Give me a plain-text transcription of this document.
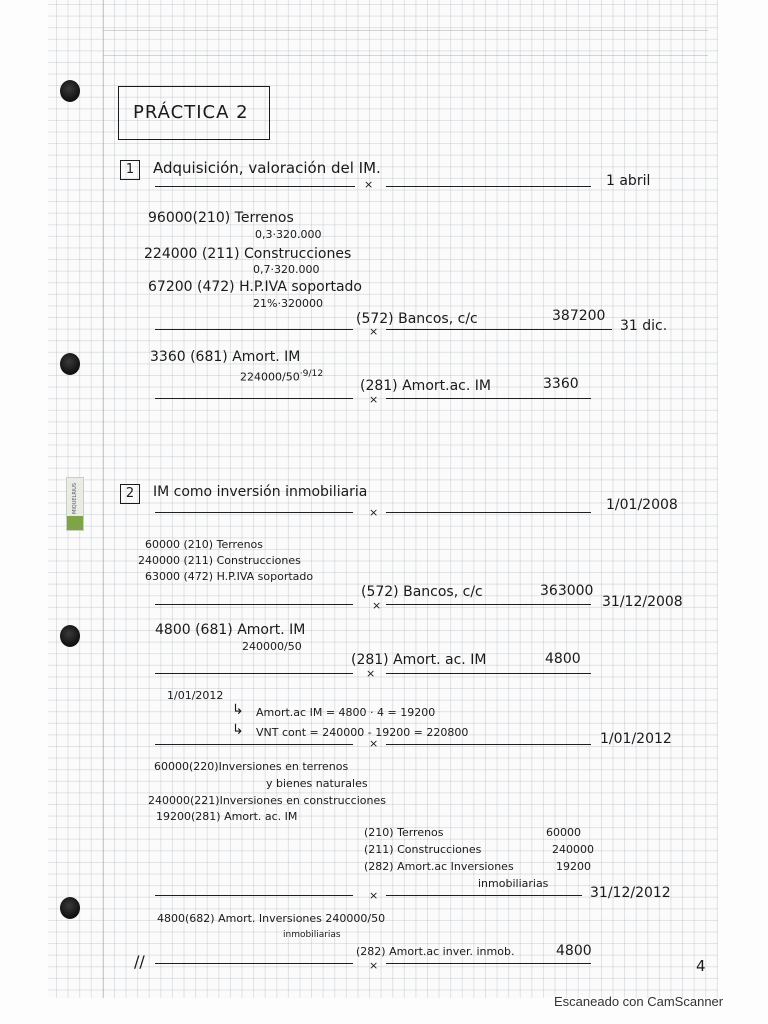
MIQUELRIUS
PRÁCTICA 2
1	Adquisición, valoración del IM.
×	1 abril
96000(210) Terrenos
0,3·320.000
224000 (211) Construcciones
0,7·320.000
67200 (472) H.P.IVA soportado
21%·320000
×
(572) Bancos, c/c	387200
31 dic.
3360 (681) Amort. IM
$224000/50^{\cdot 9/12}$
×
(281) Amort.ac. IM	3360
2	IM como inversión inmobiliaria
×	1/01/2008
60000 (210) Terrenos
240000 (211) Construcciones
63000 (472) H.P.IVA soportado
×
(572) Bancos, c/c	363000
31/12/2008
4800 (681) Amort. IM
240000/50
×
(281) Amort. ac. IM	4800
1/01/2012
↳ Amort.ac IM = 4800 · 4 = 19200
↳ VNT cont = 240000 - 19200 = 220800
×	1/01/2012
60000(220)Inversiones en terrenos
y bienes naturales
240000(221)Inversiones en construcciones
19200(281) Amort. ac. IM
(210) Terrenos	60000
(211) Construcciones	240000
(282) Amort.ac Inversiones	19200
inmobiliarias
×	31/12/2012
4800(682) Amort. Inversiones 240000/50
inmobiliarias
//	×
(282) Amort.ac inver. inmob.	4800
4
Escaneado con CamScanner
